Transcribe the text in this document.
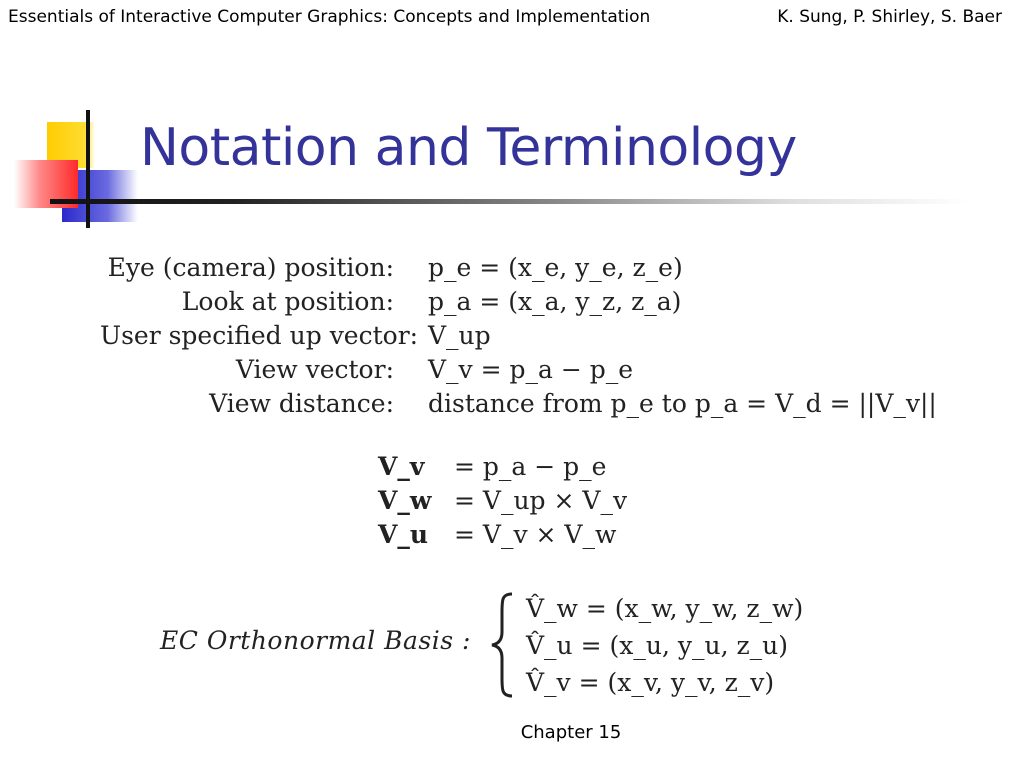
Essentials of Interactive Computer Graphics: Concepts and Implementation	K. Sung, P. Shirley, S. Baer
Notation and Terminology
Eye (camera) position:	p_e = (x_e, y_e, z_e)
Look at position:	p_a = (x_a, y_z, z_a)
User specified up vector: V_up
View vector:	V_v = p_a − p_e
View distance:	distance from p_e to p_a = V_d = ||V_v||
V_v	= p_a − p_e
V_w = V_up × V_v
V_u	= V_v × V_w
EC Orthonormal Basis :
V̂_w = (x_w, y_w, z_w)
V̂_u = (x_u, y_u, z_u)
V̂_v = (x_v, y_v, z_v)
Chapter 15
